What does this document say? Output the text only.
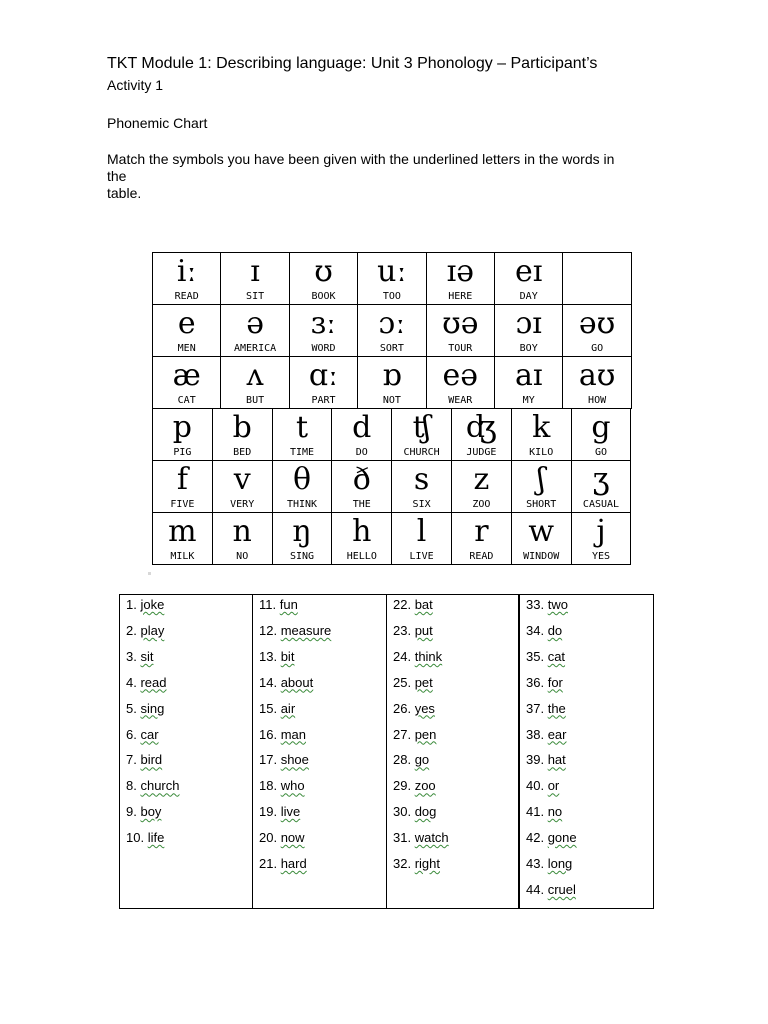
TKT Module 1: Describing language: Unit 3 Phonology – Participant’s
Activity 1
Phonemic Chart
Match the symbols you have been given with the underlined letters in the words in
the
table.
iː
READ
ɪ
SIT
ʊ
BOOK
uː
TOO
ɪə
HERE
eɪ
DAY
e
MEN
ə
AMERICA
ɜː
WORD
ɔː
SORT
ʊə
TOUR
ɔɪ
BOY
əʊ
GO
æ
CAT
ʌ
BUT
ɑː
PART
ɒ
NOT
eə
WEAR
aɪ
MY
aʊ
HOW
p
PIG
b
BED
t
TIME
d
DO
ʧ
CHURCH
ʤ
JUDGE
k
KILO
g
GO
f
FIVE
v
VERY
θ
THINK
ð
THE
s
SIX
z
ZOO
ʃ
SHORT
ʒ
CASUAL
m
MILK
n
NO
ŋ
SING
h
HELLO
l
LIVE
r
READ
w
WINDOW
j
YES
1. joke
2. play
3. sit
4. read
5. sing
6. car
7. bird
8. church
9. boy
10. life
11. fun
12. measure
13. bit
14. about
15. air
16. man
17. shoe
18. who
19. live
20. now
21. hard
22. bat
23. put
24. think
25. pet
26. yes
27. pen
28. go
29. zoo
30. dog
31. watch
32. right
33. two
34. do
35. cat
36. for
37. the
38. ear
39. hat
40. or
41. no
42. gone
43. long
44. cruel
